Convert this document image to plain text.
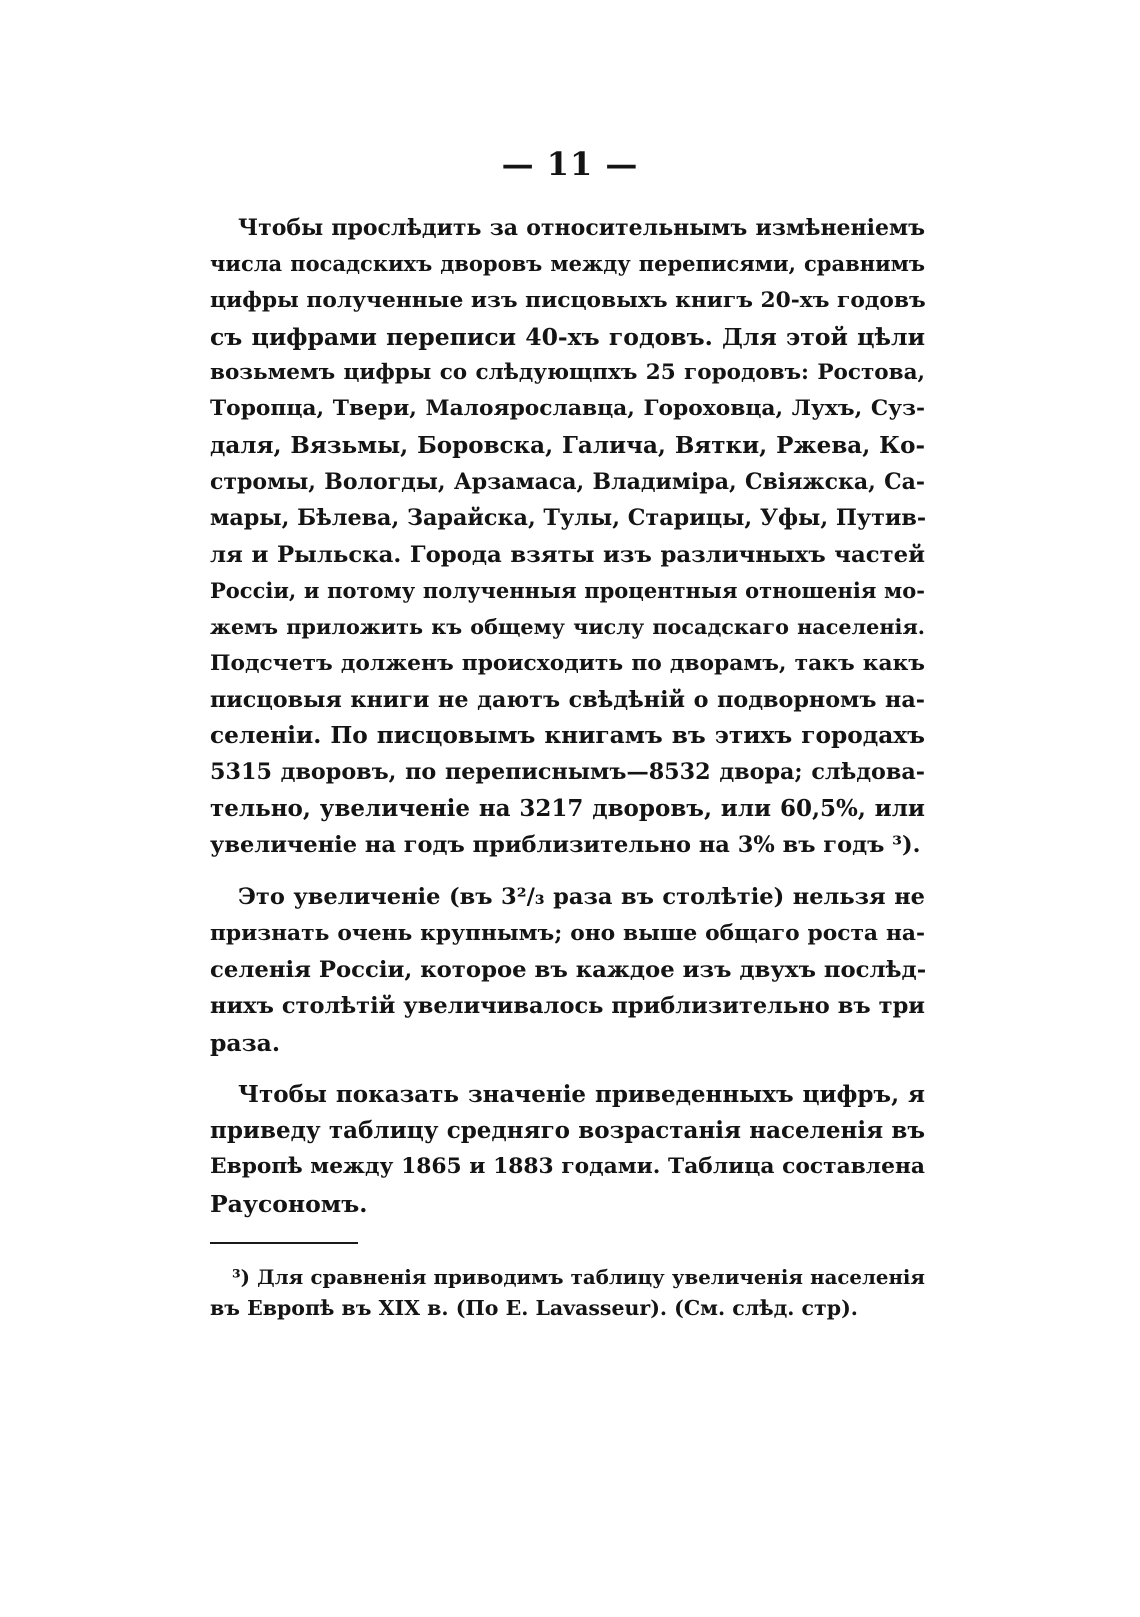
— 11 —

Чтобы прослѣдить за относительнымъ измѣненіемъ
числа посадскихъ дворовъ между переписями, сравнимъ
цифры полученные изъ писцовыхъ книгъ 20-хъ годовъ
съ цифрами переписи 40-хъ годовъ. Для этой цѣли
возьмемъ цифры со слѣдующпхъ 25 городовъ: Ростова,
Торопца, Твери, Малоярославца, Гороховца, Лухъ, Суз-
даля, Вязьмы, Боровска, Галича, Вятки, Ржева, Ко-
стромы, Вологды, Арзамаса, Владиміра, Свіяжска, Са-
мары, Бѣлева, Зарайска, Тулы, Старицы, Уфы, Путив-
ля и Рыльска. Города взяты изъ различныхъ частей
Россіи, и потому полученныя процентныя отношенія мо-
жемъ приложить къ общему числу посадскаго населенія.
Подсчетъ долженъ происходить по дворамъ, такъ какъ
писцовыя книги не даютъ свѣдѣній о подворномъ на-
селеніи. По писцовымъ книгамъ въ этихъ городахъ
5315 дворовъ, по переписнымъ—8532 двора; слѣдова-
тельно, увеличеніе на 3217 дворовъ, или 60,5%, или
увеличеніе на годъ приблизительно на 3% въ годъ ³).

Это увеличеніе (въ 3²/₃ раза въ столѣтіе) нельзя не
признать очень крупнымъ; оно выше общаго роста на-
селенія Россіи, которое въ каждое изъ двухъ послѣд-
нихъ столѣтій увеличивалось приблизительно въ три
раза.

Чтобы показать значеніе приведенныхъ цифръ, я
приведу таблицу средняго возрастанія населенія въ
Европѣ между 1865 и 1883 годами. Таблица составлена
Раусономъ.

³) Для сравненія приводимъ таблицу увеличенія населенія
въ Европѣ въ XIX в. (По E. Lavasseur). (См. слѣд. стр).
